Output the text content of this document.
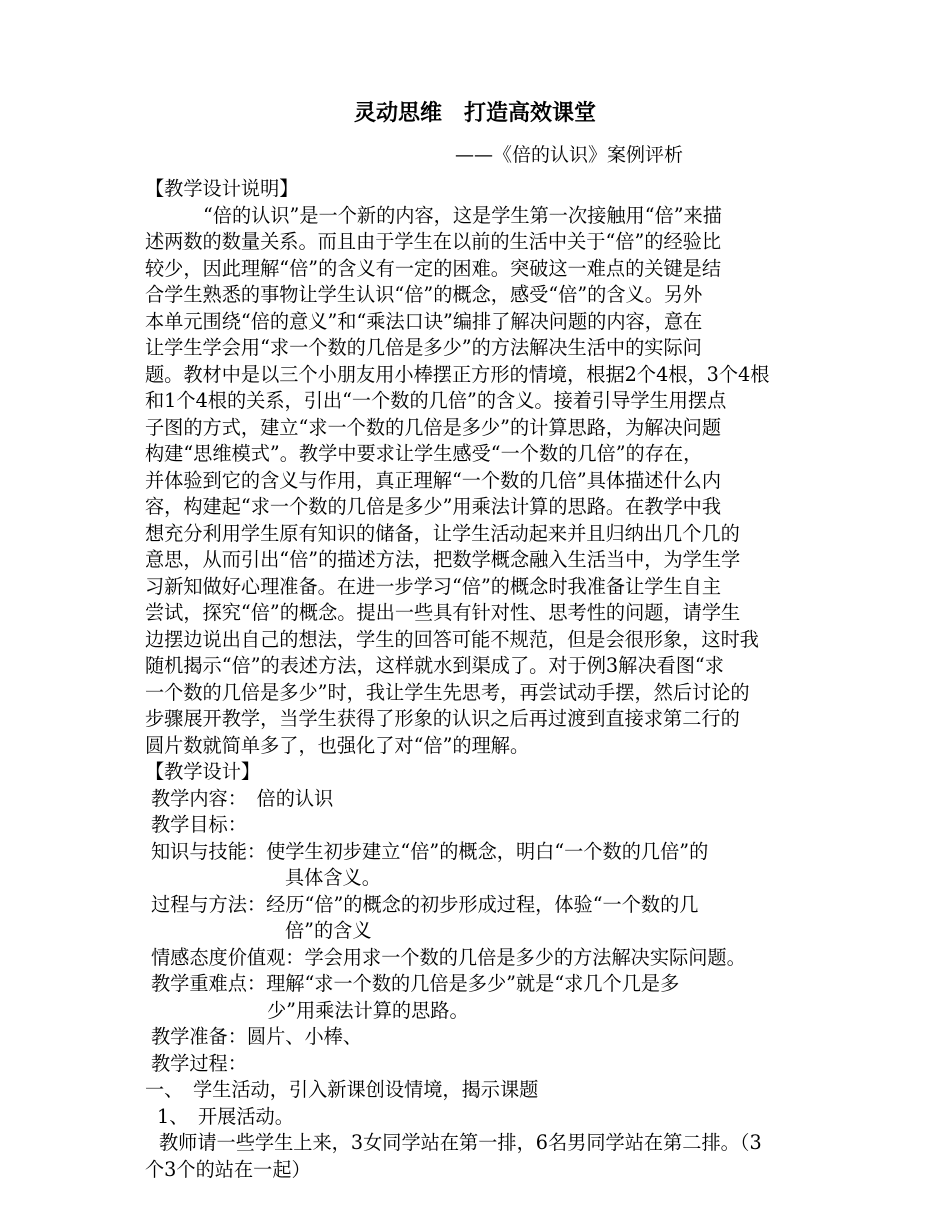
灵动思维　打造高效课堂
——《倍的认识》案例评析
【教学设计说明】
“倍的认识”是一个新的内容，这是学生第一次接触用“倍”来描
述两数的数量关系。而且由于学生在以前的生活中关于“倍”的经验比
较少，因此理解“倍”的含义有一定的困难。突破这一难点的关键是结
合学生熟悉的事物让学生认识“倍”的概念，感受“倍”的含义。另外
本单元围绕“倍的意义”和“乘法口诀”编排了解决问题的内容，意在
让学生学会用“求一个数的几倍是多少”的方法解决生活中的实际问
题。教材中是以三个小朋友用小棒摆正方形的情境，根据2个4根，3个4根
和1个4根的关系，引出“一个数的几倍”的含义。接着引导学生用摆点
子图的方式，建立“求一个数的几倍是多少”的计算思路，为解决问题
构建“思维模式”。教学中要求让学生感受“一个数的几倍”的存在，
并体验到它的含义与作用，真正理解“一个数的几倍”具体描述什么内
容，构建起“求一个数的几倍是多少”用乘法计算的思路。在教学中我
想充分利用学生原有知识的储备，让学生活动起来并且归纳出几个几的
意思，从而引出“倍”的描述方法，把数学概念融入生活当中，为学生学
习新知做好心理准备。在进一步学习“倍”的概念时我准备让学生自主
尝试，探究“倍”的概念。提出一些具有针对性、思考性的问题，请学生
边摆边说出自己的想法，学生的回答可能不规范，但是会很形象，这时我
随机揭示“倍”的表述方法，这样就水到渠成了。对于例3解决看图“求
一个数的几倍是多少”时，我让学生先思考，再尝试动手摆，然后讨论的
步骤展开教学，当学生获得了形象的认识之后再过渡到直接求第二行的
圆片数就简单多了，也强化了对“倍”的理解。
【教学设计】
教学内容：　倍的认识
教学目标：
知识与技能：使学生初步建立“倍”的概念，明白“一个数的几倍”的
具体含义。
过程与方法：经历“倍”的概念的初步形成过程，体验“一个数的几
倍”的含义
情感态度价值观：学会用求一个数的几倍是多少的方法解决实际问题。
教学重难点：理解“求一个数的几倍是多少”就是“求几个几是多
少”用乘法计算的思路。
教学准备：圆片、小棒、
教学过程：
一、　学生活动，引入新课创设情境，揭示课题
1、　开展活动。
教师请一些学生上来，3女同学站在第一排，6名男同学站在第二排。（3
个3个的站在一起）
